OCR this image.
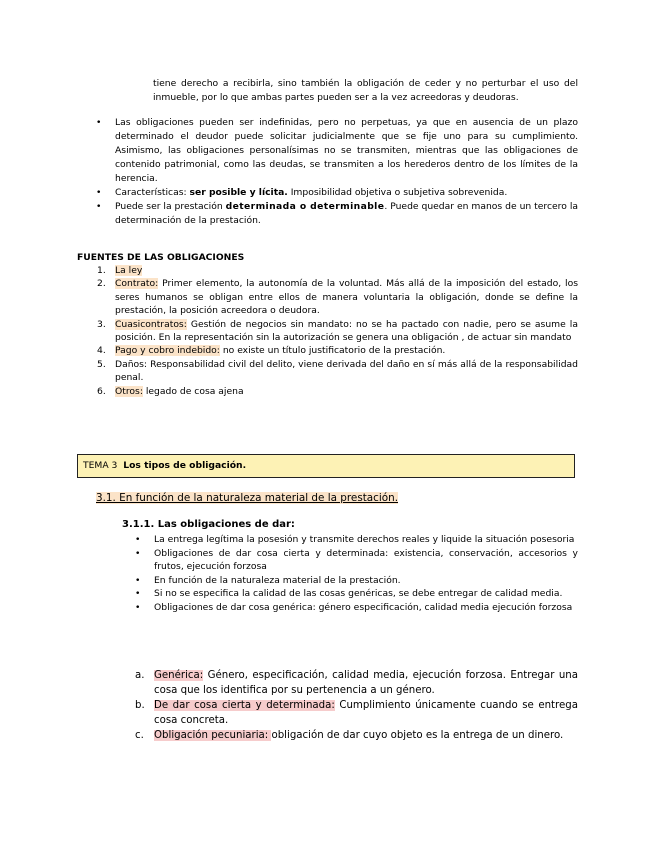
tiene derecho a recibirla, sino también la obligación de ceder y no perturbar el uso del inmueble, por lo que ambas partes pueden ser a la vez acreedoras y deudoras.

• Las obligaciones pueden ser indefinidas, pero no perpetuas, ya que en ausencia de un plazo determinado el deudor puede solicitar judicialmente que se fije uno para su cumplimiento. Asimismo, las obligaciones personalísimas no se transmiten, mientras que las obligaciones de contenido patrimonial, como las deudas, se transmiten a los herederos dentro de los límites de la herencia.
• Características: ser posible y lícita. Imposibilidad objetiva o subjetiva sobrevenida.
• Puede ser la prestación determinada o determinable. Puede quedar en manos de un tercero la determinación de la prestación.

FUENTES DE LAS OBLIGACIONES

1. La ley
2. Contrato: Primer elemento, la autonomía de la voluntad. Más allá de la imposición del estado, los seres humanos se obligan entre ellos de manera voluntaria la obligación, donde se define la prestación, la posición acreedora o deudora.
3. Cuasicontratos: Gestión de negocios sin mandato: no se ha pactado con nadie, pero se asume la posición. En la representación sin la autorización se genera una obligación , de actuar sin mandato
4. Pago y cobro indebido: no existe un título justificatorio de la prestación.
5. Daños: Responsabilidad civil del delito, viene derivada del daño en sí más allá de la responsabilidad penal.
6. Otros: legado de cosa ajena
TEMA 3 Los tipos de obligación.

3.1. En función de la naturaleza material de la prestación.

3.1.1. Las obligaciones de dar:

• La entrega legítima la posesión y transmite derechos reales y liquide la situación posesoria
• Obligaciones de dar cosa cierta y determinada: existencia, conservación, accesorios y frutos, ejecución forzosa
• En función de la naturaleza material de la prestación.
• Si no se especifica la calidad de las cosas genéricas, se debe entregar de calidad media.
• Obligaciones de dar cosa genérica: género especificación, calidad media ejecución forzosa
a. Genérica: Género, especificación, calidad media, ejecución forzosa. Entregar una cosa que los identifica por su pertenencia a un género.
b. De dar cosa cierta y determinada: Cumplimiento únicamente cuando se entrega cosa concreta.
c. Obligación pecuniaria: obligación de dar cuyo objeto es la entrega de un dinero.
